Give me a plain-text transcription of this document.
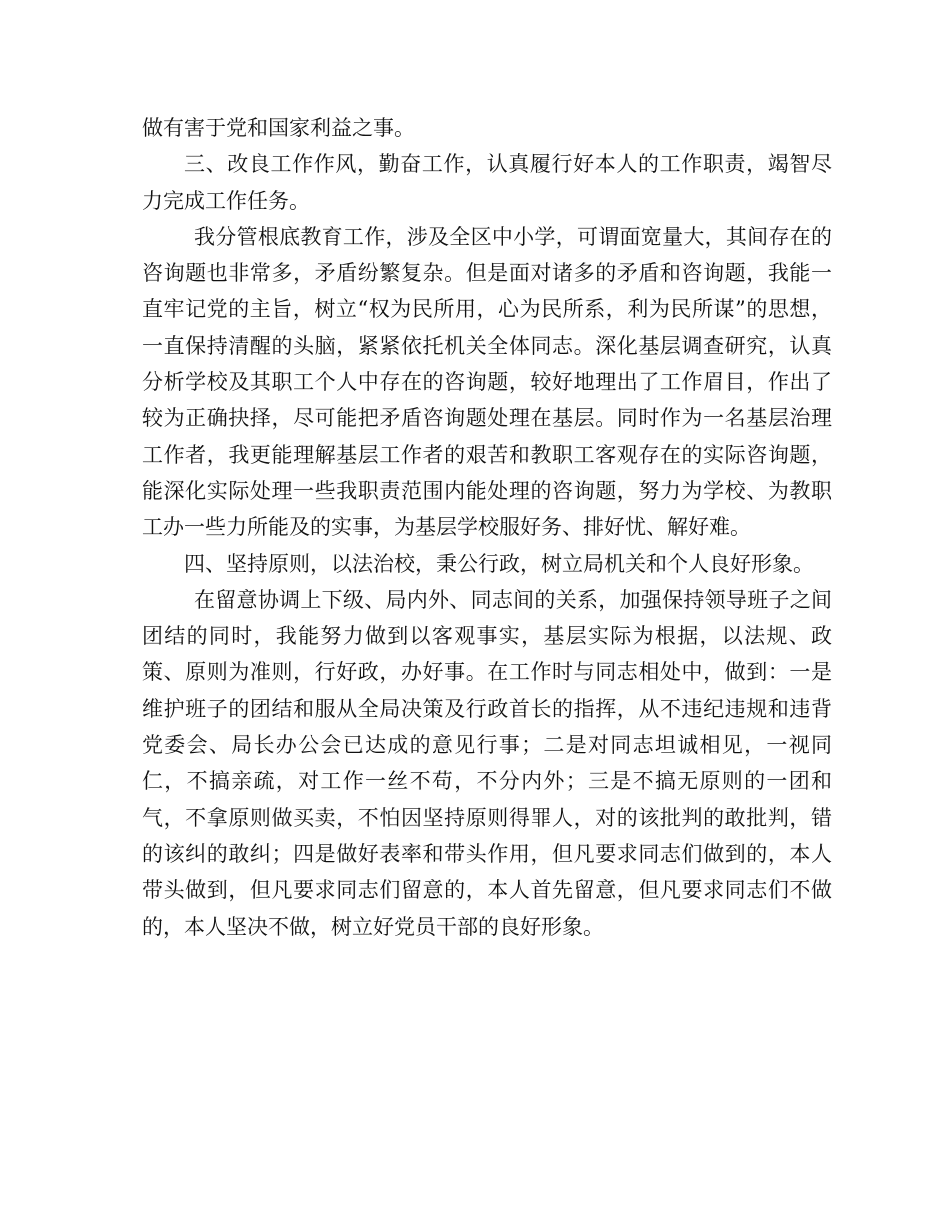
做有害于党和国家利益之事。

三、改良工作作风，勤奋工作，认真履行好本人的工作职责，竭智尽力完成工作任务。

我分管根底教育工作，涉及全区中小学，可谓面宽量大，其间存在的咨询题也非常多，矛盾纷繁复杂。但是面对诸多的矛盾和咨询题，我能一直牢记党的主旨，树立“权为民所用，心为民所系，利为民所谋”的思想，一直保持清醒的头脑，紧紧依托机关全体同志。深化基层调查研究，认真分析学校及其职工个人中存在的咨询题，较好地理出了工作眉目，作出了较为正确抉择，尽可能把矛盾咨询题处理在基层。同时作为一名基层治理工作者，我更能理解基层工作者的艰苦和教职工客观存在的实际咨询题，能深化实际处理一些我职责范围内能处理的咨询题，努力为学校、为教职工办一些力所能及的实事，为基层学校服好务、排好忧、解好难。

四、坚持原则，以法治校，秉公行政，树立局机关和个人良好形象。

在留意协调上下级、局内外、同志间的关系，加强保持领导班子之间团结的同时，我能努力做到以客观事实，基层实际为根据，以法规、政策、原则为准则，行好政，办好事。在工作时与同志相处中，做到：一是维护班子的团结和服从全局决策及行政首长的指挥，从不违纪违规和违背党委会、局长办公会已达成的意见行事；二是对同志坦诚相见，一视同仁，不搞亲疏，对工作一丝不苟，不分内外；三是不搞无原则的一团和气，不拿原则做买卖，不怕因坚持原则得罪人，对的该批判的敢批判，错的该纠的敢纠；四是做好表率和带头作用，但凡要求同志们做到的，本人带头做到，但凡要求同志们留意的，本人首先留意，但凡要求同志们不做的，本人坚决不做，树立好党员干部的良好形象。
